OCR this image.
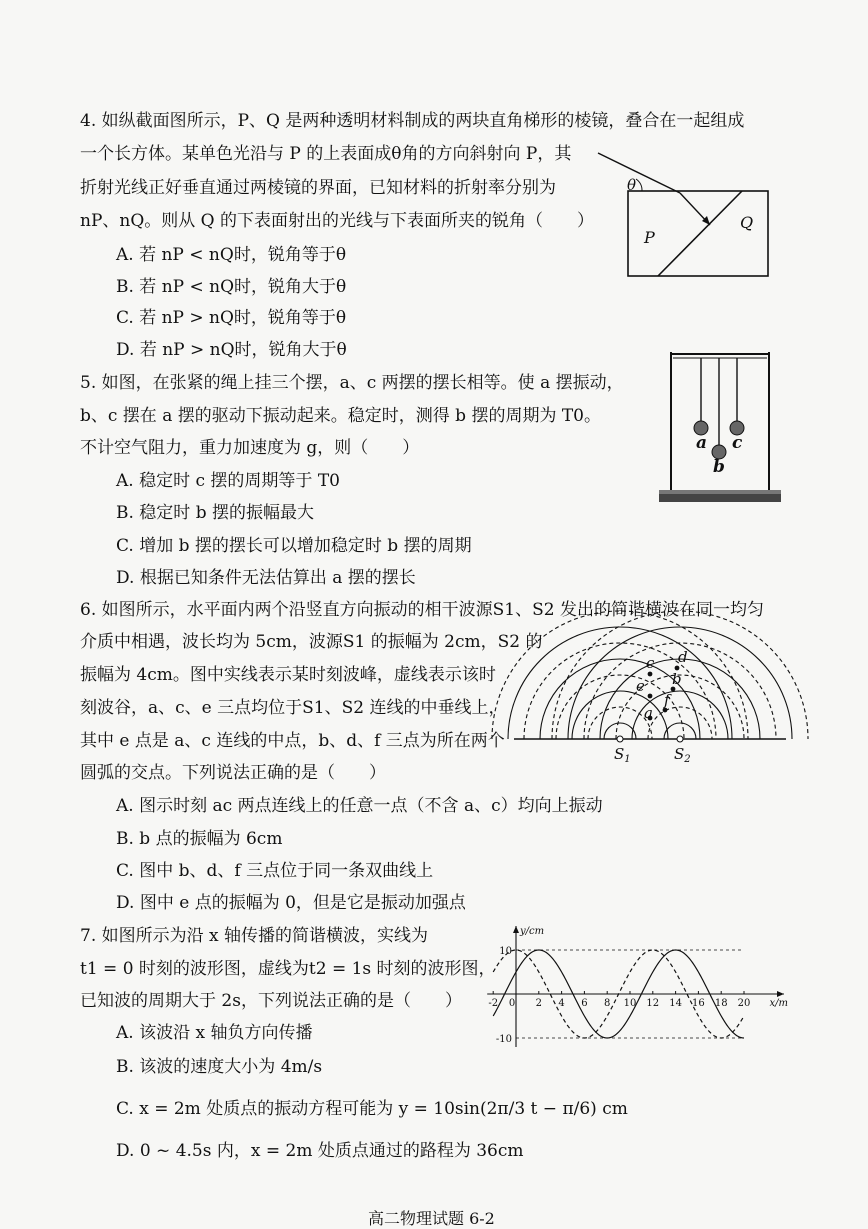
4. 如纵截面图所示，P、Q 是两种透明材料制成的两块直角梯形的棱镜，叠合在一起组成
一个长方体。某单色光沿与 P 的上表面成θ角的方向斜射向 P，其
折射光线正好垂直通过两棱镜的界面，已知材料的折射率分别为
nP、nQ。则从 Q 的下表面射出的光线与下表面所夹的锐角（　　）
A. 若 nP < nQ时，锐角等于θ
B. 若 nP < nQ时，锐角大于θ
C. 若 nP > nQ时，锐角等于θ
D. 若 nP > nQ时，锐角大于θ
θ
P
Q
5. 如图，在张紧的绳上挂三个摆，a、c 两摆的摆长相等。使 a 摆振动，
b、c 摆在 a 摆的驱动下振动起来。稳定时，测得 b 摆的周期为 T0。
不计空气阻力，重力加速度为 g，则（　　）
A. 稳定时 c 摆的周期等于 T0
B. 稳定时 b 摆的振幅最大
C. 增加 b 摆的摆长可以增加稳定时 b 摆的周期
D. 根据已知条件无法估算出 a 摆的摆长
a
b
c
6. 如图所示，水平面内两个沿竖直方向振动的相干波源S1、S2 发出的简谐横波在同一均匀
介质中相遇，波长均为 5cm，波源S1 的振幅为 2cm，S2 的
振幅为 4cm。图中实线表示某时刻波峰，虚线表示该时
刻波谷，a、c、e 三点均位于S1、S2 连线的中垂线上，
其中 e 点是 a、c 连线的中点，b、d、f 三点为所在两个
圆弧的交点。下列说法正确的是（　　）
A. 图示时刻 ac 两点连线上的任意一点（不含 a、c）均向上振动
B. b 点的振幅为 6cm
C. 图中 b、d、f 三点位于同一条双曲线上
D. 图中 e 点的振幅为 0，但是它是振动加强点
$S_1$	$S_2$
c d
e b
f
a
7. 如图所示为沿 x 轴传播的简谐横波，实线为
t1 = 0 时刻的波形图，虚线为t2 = 1s 时刻的波形图，
已知波的周期大于 2s，下列说法正确的是（　　）
A. 该波沿 x 轴负方向传播
B. 该波的速度大小为 4m/s
C. x = 2m 处质点的振动方程可能为 y = 10sin(2π/3 t − π/6) cm
D. 0 ~ 4.5s 内，x = 2m 处质点通过的路程为 36cm
10
-10
-2 0 2 4 6 8 10 12 14 16 18 20 x/m
y/cm
高二物理试题 6-2
